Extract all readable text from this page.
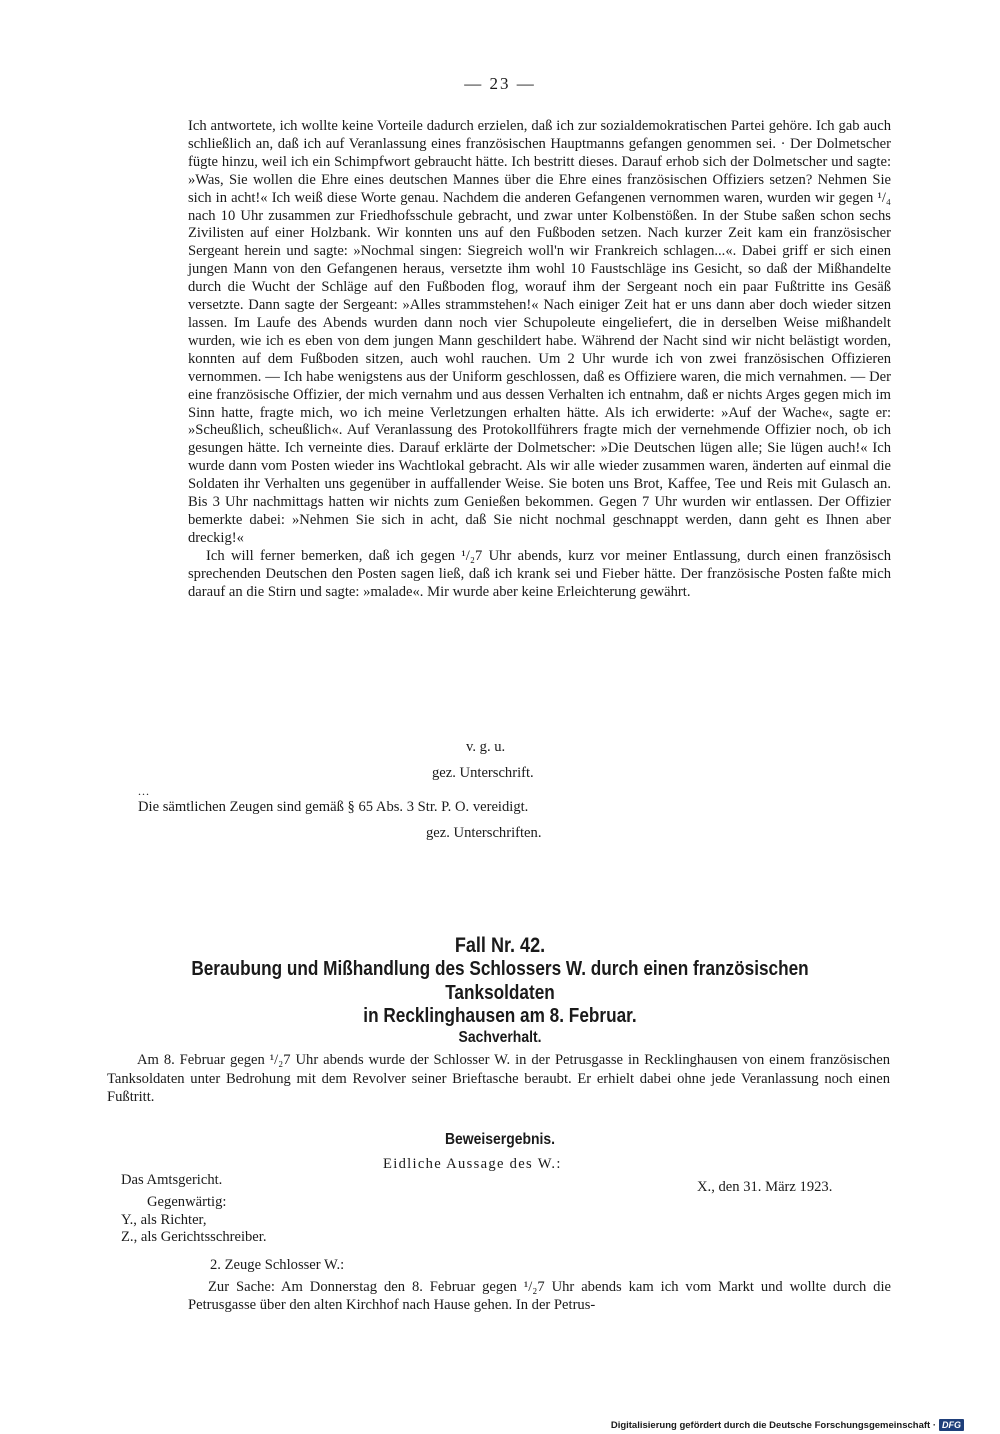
— 23 —

Ich antwortete, ich wollte keine Vorteile dadurch erzielen, daß ich zur sozialdemokratischen Partei gehöre. Ich gab auch schließlich an, daß ich auf Veranlassung eines französischen Hauptmanns gefangen genommen sei. · Der Dolmetscher fügte hinzu, weil ich ein Schimpfwort gebraucht hätte. Ich bestritt dieses. Darauf erhob sich der Dolmetscher und sagte: »Was, Sie wollen die Ehre eines deutschen Mannes über die Ehre eines französischen Offiziers setzen? Nehmen Sie sich in acht!« Ich weiß diese Worte genau. Nachdem die anderen Gefangenen vernommen waren, wurden wir gegen ¹/₄ nach 10 Uhr zusammen zur Friedhofsschule gebracht, und zwar unter Kolbenstößen. In der Stube saßen schon sechs Zivilisten auf einer Holzbank. Wir konnten uns auf den Fußboden setzen. Nach kurzer Zeit kam ein französischer Sergeant herein und sagte: »Nochmal singen: Siegreich woll'n wir Frankreich schlagen...«. Dabei griff er sich einen jungen Mann von den Gefangenen heraus, versetzte ihm wohl 10 Faustschläge ins Gesicht, so daß der Mißhandelte durch die Wucht der Schläge auf den Fußboden flog, worauf ihm der Sergeant noch ein paar Fußtritte ins Gesäß versetzte. Dann sagte der Sergeant: »Alles strammstehen!« Nach einiger Zeit hat er uns dann aber doch wieder sitzen lassen. Im Laufe des Abends wurden dann noch vier Schupoleute eingeliefert, die in derselben Weise mißhandelt wurden, wie ich es eben von dem jungen Mann geschildert habe. Während der Nacht sind wir nicht belästigt worden, konnten auf dem Fußboden sitzen, auch wohl rauchen. Um 2 Uhr wurde ich von zwei französischen Offizieren vernommen. — Ich habe wenigstens aus der Uniform geschlossen, daß es Offiziere waren, die mich vernahmen. — Der eine französische Offizier, der mich vernahm und aus dessen Verhalten ich entnahm, daß er nichts Arges gegen mich im Sinn hatte, fragte mich, wo ich meine Verletzungen erhalten hätte. Als ich erwiderte: »Auf der Wache«, sagte er: »Scheußlich, scheußlich«. Auf Veranlassung des Protokollführers fragte mich der vernehmende Offizier noch, ob ich gesungen hätte. Ich verneinte dies. Darauf erklärte der Dolmetscher: »Die Deutschen lügen alle; Sie lügen auch!« Ich wurde dann vom Posten wieder ins Wachtlokal gebracht. Als wir alle wieder zusammen waren, änderten auf einmal die Soldaten ihr Verhalten uns gegenüber in auffallender Weise. Sie boten uns Brot, Kaffee, Tee und Reis mit Gulasch an. Bis 3 Uhr nachmittags hatten wir nichts zum Genießen bekommen. Gegen 7 Uhr wurden wir entlassen. Der Offizier bemerkte dabei: »Nehmen Sie sich in acht, daß Sie nicht nochmal geschnappt werden, dann geht es Ihnen aber dreckig!«

Ich will ferner bemerken, daß ich gegen ¹/₂7 Uhr abends, kurz vor meiner Entlassung, durch einen französisch sprechenden Deutschen den Posten sagen ließ, daß ich krank sei und Fieber hätte. Der französische Posten faßte mich darauf an die Stirn und sagte: »malade«. Mir wurde aber keine Erleichterung gewährt.

v. g. u.
gez. Unterschrift.
...
Die sämtlichen Zeugen sind gemäß § 65 Abs. 3 Str. P. O. vereidigt.
gez. Unterschriften.
Fall Nr. 42.
Beraubung und Mißhandlung des Schlossers W. durch einen französischen Tanksoldaten
in Recklinghausen am 8. Februar.
Sachverhalt.

Am 8. Februar gegen ¹/₂7 Uhr abends wurde der Schlosser W. in der Petrusgasse in Recklinghausen von einem französischen Tanksoldaten unter Bedrohung mit dem Revolver seiner Brieftasche beraubt. Er erhielt dabei ohne jede Veranlassung noch einen Fußtritt.

Beweisergebnis.
Eidliche Aussage des W.:
Das Amtsgericht.	X., den 31. März 1923.
Gegenwärtig:
Y., als Richter,
Z., als Gerichtsschreiber.
2. Zeuge Schlosser W.:

Zur Sache: Am Donnerstag den 8. Februar gegen ¹/₂7 Uhr abends kam ich vom Markt und wollte durch die Petrusgasse über den alten Kirchhof nach Hause gehen. In der Petrus-

Digitalisierung gefördert durch die Deutsche Forschungsgemeinschaft · DFG
